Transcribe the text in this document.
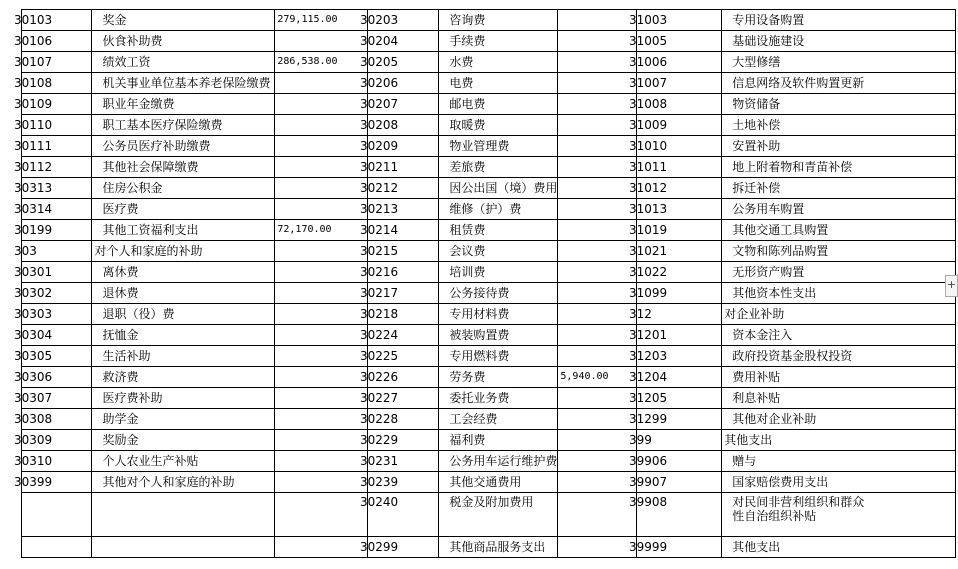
30103	奖金	279,115.00	30203	咨询费		31003	专用设备购置
30106	伙食补助费		30204	手续费		31005	基础设施建设
30107	绩效工资	286,538.00	30205	水费		31006	大型修缮
30108	机关事业单位基本养老保险缴费		30206	电费		31007	信息网络及软件购置更新
30109	职业年金缴费		30207	邮电费		31008	物资储备
30110	职工基本医疗保险缴费		30208	取暖费		31009	土地补偿
30111	公务员医疗补助缴费		30209	物业管理费		31010	安置补助
30112	其他社会保障缴费		30211	差旅费		31011	地上附着物和青苗补偿
30313	住房公积金		30212	因公出国（境）费用		31012	拆迁补偿
30314	医疗费		30213	维修（护）费		31013	公务用车购置
30199	其他工资福利支出	72,170.00	30214	租赁费		31019	其他交通工具购置
303	对个人和家庭的补助		30215	会议费		31021	文物和陈列品购置
30301	离休费		30216	培训费		31022	无形资产购置
30302	退休费		30217	公务接待费		31099	其他资本性支出
30303	退职（役）费		30218	专用材料费		312	对企业补助
30304	抚恤金		30224	被装购置费		31201	资本金注入
30305	生活补助		30225	专用燃料费		31203	政府投资基金股权投资
30306	救济费		30226	劳务费	5,940.00	31204	费用补贴
30307	医疗费补助		30227	委托业务费		31205	利息补贴
30308	助学金		30228	工会经费		31299	其他对企业补助
30309	奖励金		30229	福利费		399	其他支出
30310	个人农业生产补贴		30231	公务用车运行维护费		39906	赠与
30399	其他对个人和家庭的补助		30239	其他交通费用		39907	国家赔偿费用支出
			30240	税金及附加费用		39908	对民间非营利组织和群众
性自治组织补贴

			30299	其他商品服务支出		39999	其他支出
+
